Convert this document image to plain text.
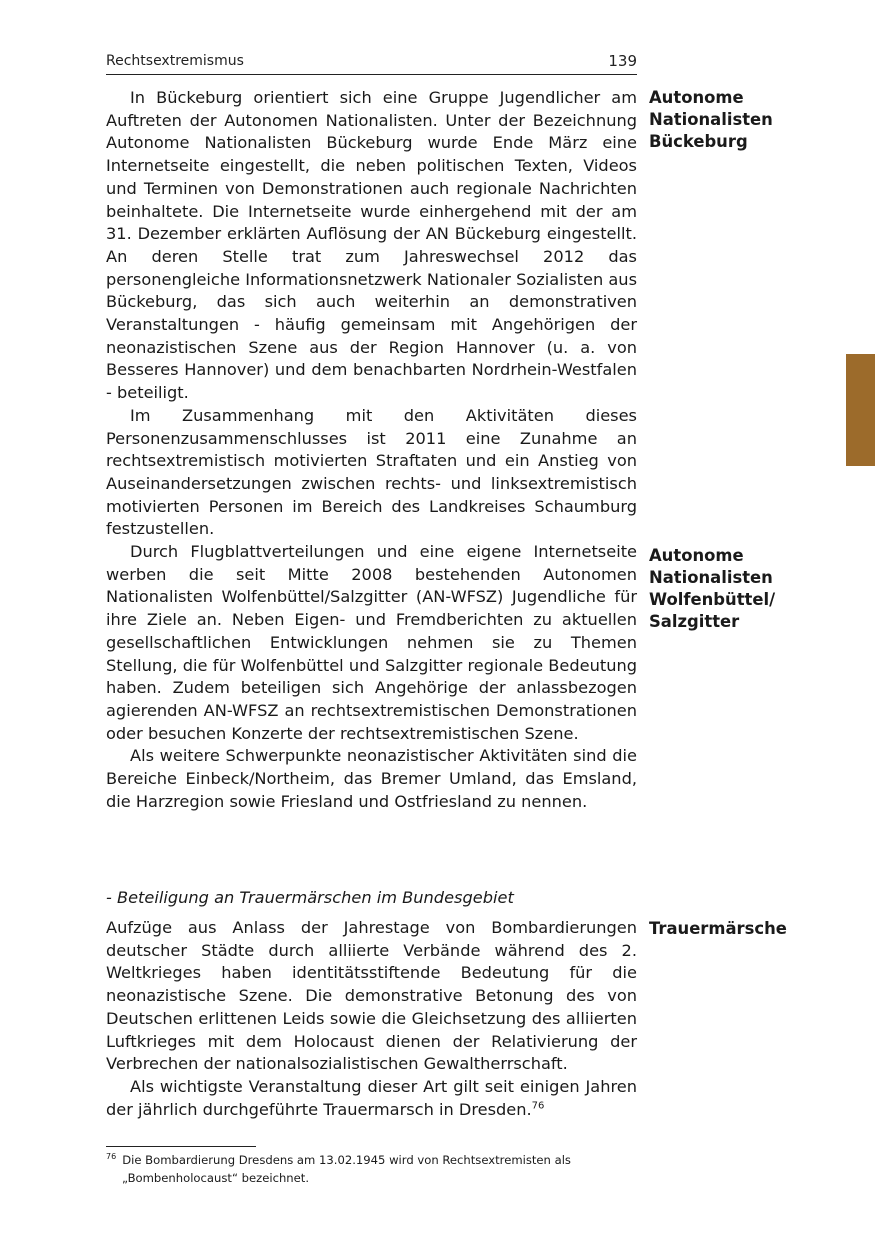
Rechtsextremismus	139

In Bückeburg orientiert sich eine Gruppe Jugendlicher am Auftreten der Autonomen Nationalisten. Unter der Bezeichnung Autonome Nationalisten Bückeburg wurde Ende März eine Internetseite eingestellt, die neben politischen Texten, Videos und Terminen von Demonstrationen auch regionale Nachrichten beinhaltete. Die Internetseite wurde einhergehend mit der am 31. Dezember erklärten Auflösung der AN Bückeburg eingestellt. An deren Stelle trat zum Jahreswechsel 2012 das personengleiche Informationsnetzwerk Nationaler Sozialisten aus Bückeburg, das sich auch weiterhin an demonstrativen Veranstaltungen - häufig gemeinsam mit Angehörigen der neonazistischen Szene aus der Region Hannover (u. a. von Besseres Hannover) und dem benachbarten Nordrhein-Westfalen - beteiligt.

Im Zusammenhang mit den Aktivitäten dieses Personenzusammenschlusses ist 2011 eine Zunahme an rechtsextremistisch motivierten Straftaten und ein Anstieg von Auseinandersetzungen zwischen rechts- und linksextremistisch motivierten Personen im Bereich des Landkreises Schaumburg festzustellen.

Durch Flugblattverteilungen und eine eigene Internetseite werben die seit Mitte 2008 bestehenden Autonomen Nationalisten Wolfenbüttel/Salzgitter (AN-WFSZ) Jugendliche für ihre Ziele an. Neben Eigen- und Fremdberichten zu aktuellen gesellschaftlichen Entwicklungen nehmen sie zu Themen Stellung, die für Wolfenbüttel und Salzgitter regionale Bedeutung haben. Zudem beteiligen sich Angehörige der anlassbezogen agierenden AN-WFSZ an rechtsextremistischen Demonstrationen oder besuchen Konzerte der rechtsextremistischen Szene.

Als weitere Schwerpunkte neonazistischer Aktivitäten sind die Bereiche Einbeck/Northeim, das Bremer Umland, das Emsland, die Harzregion sowie Friesland und Ostfriesland zu nennen.

- Beteiligung an Trauermärschen im Bundesgebiet

Aufzüge aus Anlass der Jahrestage von Bombardierungen deutscher Städte durch alliierte Verbände während des 2. Weltkrieges haben identitätsstiftende Bedeutung für die neonazistische Szene. Die demonstrative Betonung des von Deutschen erlittenen Leids sowie die Gleichsetzung des alliierten Luftkrieges mit dem Holocaust dienen der Relativierung der Verbrechen der nationalsozialistischen Gewaltherrschaft.

Als wichtigste Veranstaltung dieser Art gilt seit einigen Jahren der jährlich durchgeführte Trauermarsch in Dresden.$^{76}$

Autonome
Nationalisten
Bückeburg
Autonome
Nationalisten
Wolfenbüttel/
Salzgitter
Trauermärsche
$^{76}$ Die Bombardierung Dresdens am 13.02.1945 wird von Rechtsextremisten als
„Bombenholocaust“ bezeichnet.
